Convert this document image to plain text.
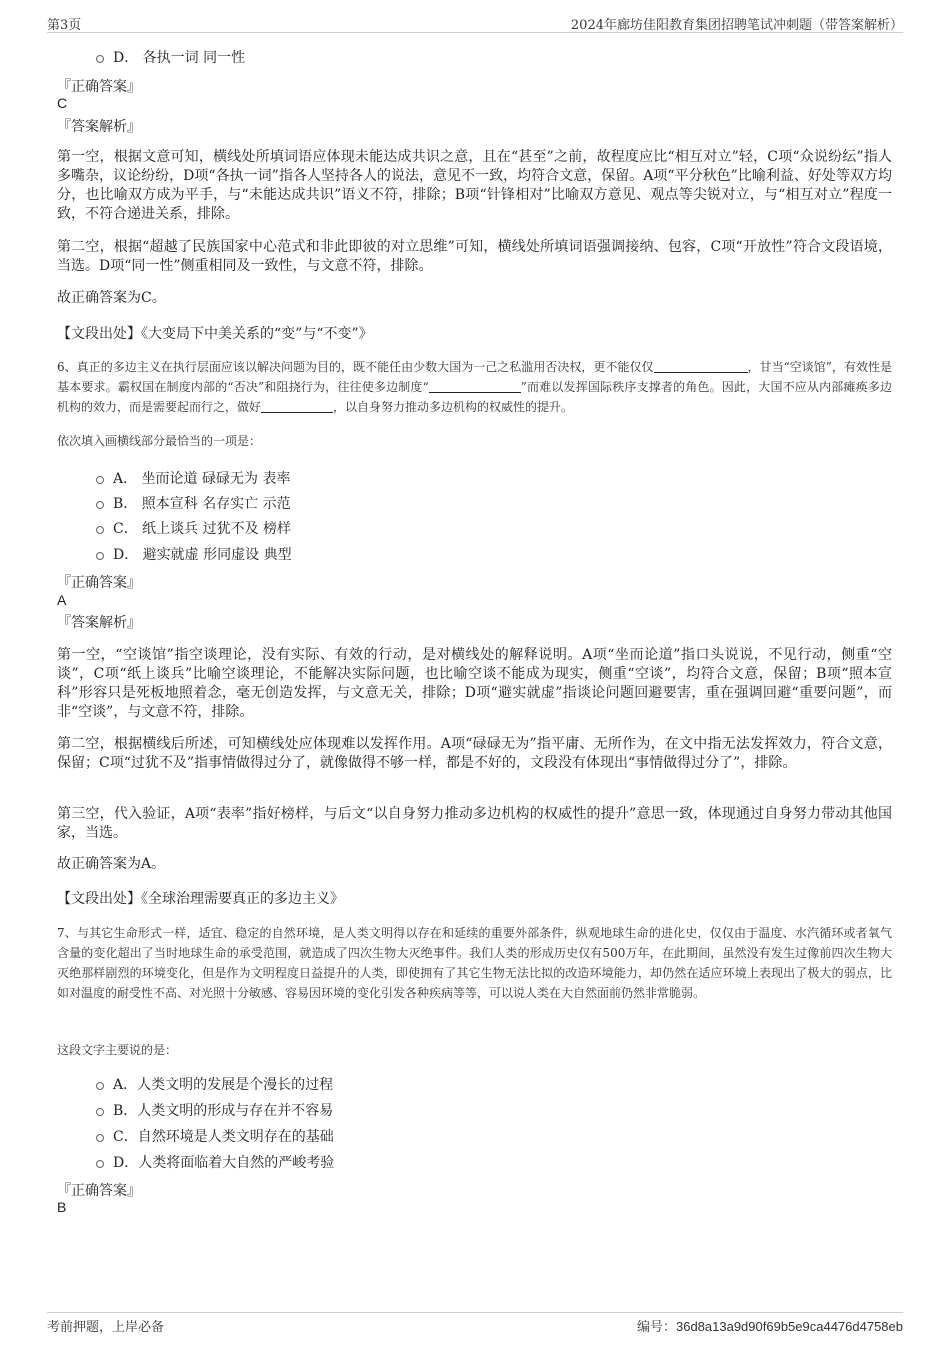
第3页	2024年廊坊佳阳教育集团招聘笔试冲刺题（带答案解析）
D． 各执一词 同一性
『正确答案』
C
『答案解析』

第一空，根据文意可知，横线处所填词语应体现未能达成共识之意，且在“甚至”之前，故程度应比“相互对立”轻，C项“众说纷纭”指人多嘴杂，议论纷纷，D项“各执一词”指各人坚持各人的说法，意见不一致，均符合文意，保留。A项“平分秋色”比喻利益、好处等双方均分，也比喻双方成为平手，与“未能达成共识”语义不符，排除；B项“针锋相对”比喻双方意见、观点等尖锐对立，与“相互对立”程度一致，不符合递进关系，排除。

第二空，根据“超越了民族国家中心范式和非此即彼的对立思维”可知，横线处所填词语强调接纳、包容，C项“开放性”符合文段语境，当选。D项“同一性”侧重相同及一致性，与文意不符，排除。

故正确答案为C。

【文段出处】《大变局下中美关系的“变”与“不变”》

6、真正的多边主义在执行层面应该以解决问题为目的，既不能任由少数大国为一己之私滥用否决权，更不能仅仅	，甘当“空谈馆”，有效性是基本要求。霸权国在制度内部的“否决”和阻挠行为，往往使多边制度“	”而难以发挥国际秩序支撑者的角色。因此，大国不应从内部瘫痪多边机构的效力，而是需要起而行之，做好	，以自身努力推动多边机构的权威性的提升。

依次填入画横线部分最恰当的一项是：
A． 坐而论道 碌碌无为 表率
B． 照本宣科 名存实亡 示范
C． 纸上谈兵 过犹不及 榜样
D． 避实就虚 形同虚设 典型
『正确答案』
A
『答案解析』

第一空，“空谈馆”指空谈理论，没有实际、有效的行动，是对横线处的解释说明。A项“坐而论道”指口头说说，不见行动，侧重“空谈”，C项“纸上谈兵”比喻空谈理论，不能解决实际问题，也比喻空谈不能成为现实，侧重“空谈”，均符合文意，保留；B项“照本宣科”形容只是死板地照着念，毫无创造发挥，与文意无关，排除；D项“避实就虚”指谈论问题回避要害，重在强调回避“重要问题”，而非“空谈”，与文意不符，排除。

第二空，根据横线后所述，可知横线处应体现难以发挥作用。A项“碌碌无为”指平庸、无所作为，在文中指无法发挥效力，符合文意，保留；C项“过犹不及”指事情做得过分了，就像做得不够一样，都是不好的，文段没有体现出“事情做得过分了”，排除。

第三空，代入验证，A项“表率”指好榜样，与后文“以自身努力推动多边机构的权威性的提升”意思一致，体现通过自身努力带动其他国家，当选。

故正确答案为A。

【文段出处】《全球治理需要真正的多边主义》

7、与其它生命形式一样，适宜、稳定的自然环境，是人类文明得以存在和延续的重要外部条件，纵观地球生命的进化史，仅仅由于温度、水汽循环或者氧气含量的变化超出了当时地球生命的承受范围，就造成了四次生物大灭绝事件。我们人类的形成历史仅有500万年，在此期间，虽然没有发生过像前四次生物大灭绝那样剧烈的环境变化，但是作为文明程度日益提升的人类，即使拥有了其它生物无法比拟的改造环境能力，却仍然在适应环境上表现出了极大的弱点，比如对温度的耐受性不高、对光照十分敏感、容易因环境的变化引发各种疾病等等，可以说人类在大自然面前仍然非常脆弱。

这段文字主要说的是：
A．人类文明的发展是个漫长的过程
B．人类文明的形成与存在并不容易
C．自然环境是人类文明存在的基础
D．人类将面临着大自然的严峻考验
『正确答案』
B
考前押题，上岸必备	编号：36d8a13a9d90f69b5e9ca4476d4758eb
